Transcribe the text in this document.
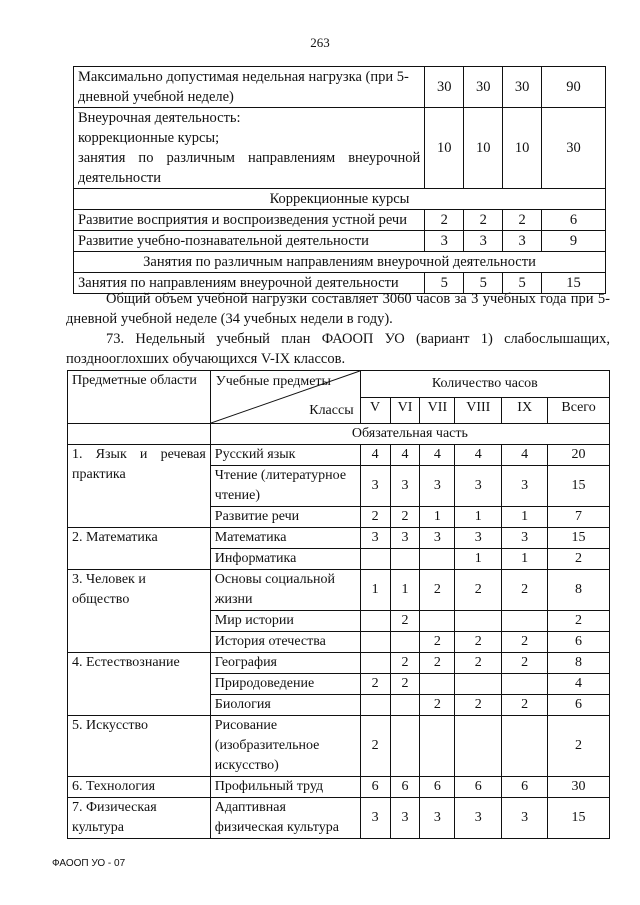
263
Максимально допустимая недельная нагрузка (при 5-дневной учебной неделе)	30	30	30	90

Внеурочная деятельность:
коррекционные курсы;
занятия по различным направлениям внеурочной деятельности	10	10	10	30
Коррекционные курсы				
Развитие восприятия и воспроизведения устной речи	2	2	2	6
Развитие учебно-познавательной деятельности	3	3	3	9
Занятия по различным направлениям внеурочной деятельности				
Занятия по направлениям внеурочной деятельности	5	5	5	15
Общий объем учебной нагрузки составляет 3060 часов за 3 учебных года при 5-дневной учебной неделе (34 учебных недели в году).
73. Недельный учебный план ФАООП УО (вариант 1) слабослышащих, позднооглохших обучающихся V-IX классов.
Предметные области	Учебные предметы
Классы	Количество часов					
		V	VI	VII	VIII	IX	Всего
	Обязательная часть						
1. Язык и речевая практика	Русский язык	4	4	4	4	4	20
	Чтение (литературное чтение)	3	3	3	3	3	15
	Развитие речи	2	2	1	1	1	7
2. Математика	Математика	3	3	3	3	3	15
	Информатика				1	1	2
3. Человек и общество	Основы социальной жизни	1	1	2	2	2	8
	Мир истории		2				2
	История отечества			2	2	2	6
4. Естествознание	География		2	2	2	2	8
	Природоведение	2	2				4
	Биология			2	2	2	6
5. Искусство	Рисование (изобразительное искусство)	2					2
6. Технология	Профильный труд	6	6	6	6	6	30
7. Физическая культура	Адаптивная физическая культура	3	3	3	3	3	15
ФАООП УО - 07
